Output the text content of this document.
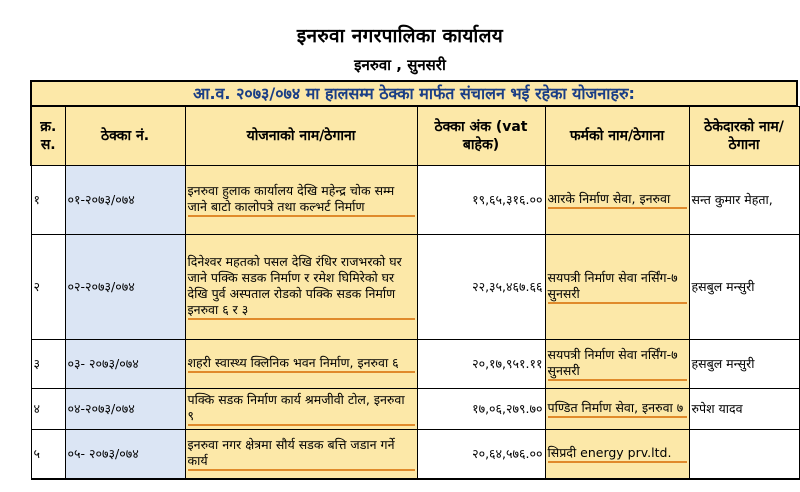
इनरुवा नगरपालिका कार्यालय
इनरुवा , सुनसरी
आ.व. २०७३/०७४ मा हालसम्म ठेक्का मार्फत संचालन भई रहेका योजनाहरु:
क्र. स.	ठेक्का नं.	योजनाको नाम/ठेगाना	ठेक्का अंक (vat बाहेक)	फर्मको नाम/ठेगाना	ठेकेदारको नाम/ठेगाना
१	०१-२०७३/०७४	इनरुवा हुलाक कार्यालय देखि महेन्द्र चोक सम्म जाने बाटो कालोपत्रे तथा कल्भर्ट निर्माण	१९,६५,३१६.००	आरके निर्माण सेवा, इनरुवा	सन्त कुमार मेहता,
२	०२-२०७३/०७४	दिनेश्वर महतको पसल देखि रंधिर राजभरको घर जाने पक्कि सडक निर्माण र रमेश घिमिरेको घर देखि पुर्व अस्पताल रोडको पक्कि सडक निर्माण इनरुवा ६ र ३	२२,३५,४६७.६६	सयपत्री निर्माण सेवा नर्सिंग-७ सुनसरी	हसबुल मन्सुरी
३	०३- २०७३/०७४	शहरी स्वास्थ्य क्लिनिक भवन निर्माण, इनरुवा ६	२०,१७,९५१.११	सयपत्री निर्माण सेवा नर्सिंग-७ सुनसरी	हसबुल मन्सुरी
४	०४-२०७३/०७४	पक्कि सडक निर्माण कार्य श्रमजीवी टोल, इनरुवा ९	१७,०६,२७९.७०	पण्डित निर्माण सेवा, इनरुवा ७	रुपेश यादव
५	०५- २०७३/०७४	इनरुवा नगर क्षेत्रमा सौर्य सडक बत्ति जडान गर्ने कार्य	२०,६४,५७६.००	सिप्रदी energy prv.ltd.	
